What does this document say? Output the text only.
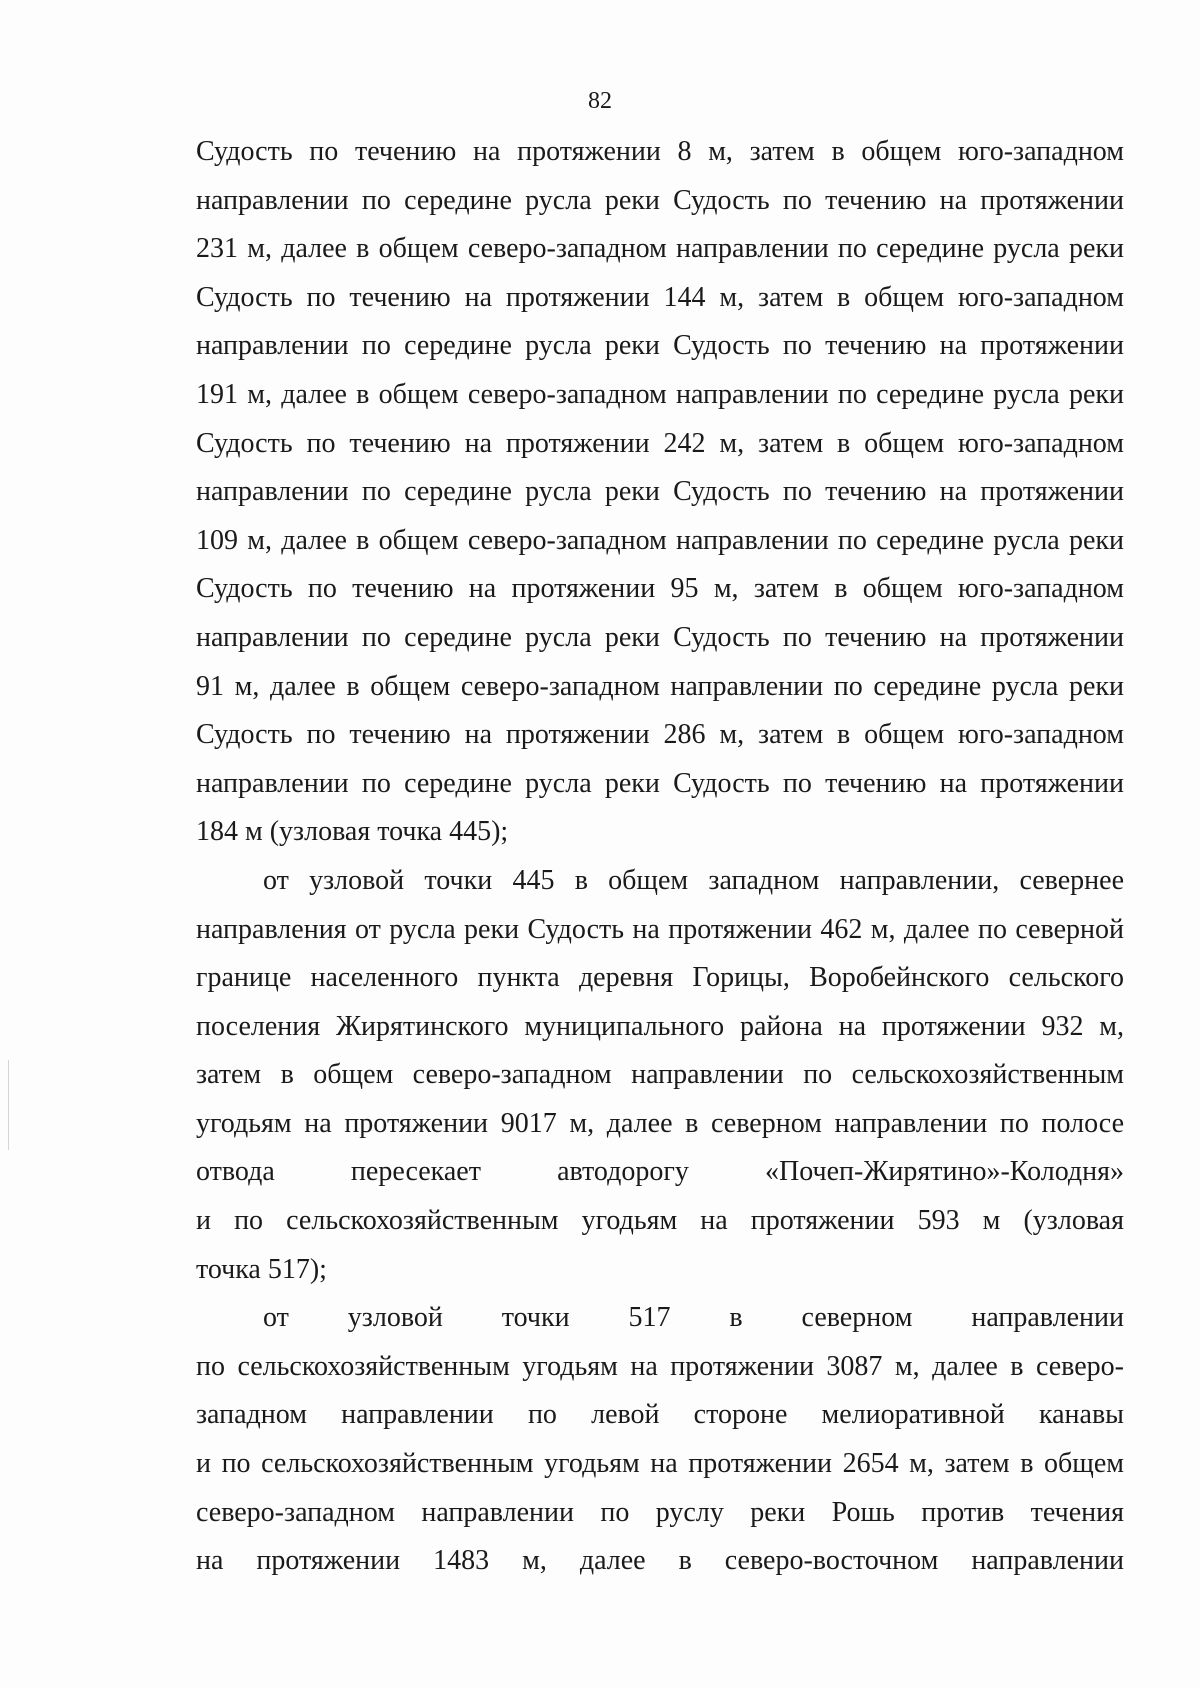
82
Судость по течению на протяжении 8 м, затем в общем юго-западном
направлении по середине русла реки Судость по течению на протяжении
231 м, далее в общем северо-западном направлении по середине русла реки
Судость по течению на протяжении 144 м, затем в общем юго-западном
направлении по середине русла реки Судость по течению на протяжении
191 м, далее в общем северо-западном направлении по середине русла реки
Судость по течению на протяжении 242 м, затем в общем юго-западном
направлении по середине русла реки Судость по течению на протяжении
109 м, далее в общем северо-западном направлении по середине русла реки
Судость по течению на протяжении 95 м, затем в общем юго-западном
направлении по середине русла реки Судость по течению на протяжении
91 м, далее в общем северо-западном направлении по середине русла реки
Судость по течению на протяжении 286 м, затем в общем юго-западном
направлении по середине русла реки Судость по течению на протяжении
184 м (узловая точка 445);
от узловой точки 445 в общем западном направлении, севернее
направления от русла реки Судость на протяжении 462 м, далее по северной
границе населенного пункта деревня Горицы, Воробейнского сельского
поселения Жирятинского муниципального района на протяжении 932 м,
затем в общем северо-западном направлении по сельскохозяйственным
угодьям на протяжении 9017 м, далее в северном направлении по полосе
отвода пересекает автодорогу «Почеп-Жирятино»-Колодня»
и по сельскохозяйственным угодьям на протяжении 593 м (узловая
точка 517);
от узловой точки 517 в северном направлении
по сельскохозяйственным угодьям на протяжении 3087 м, далее в северо-
западном направлении по левой стороне мелиоративной канавы
и по сельскохозяйственным угодьям на протяжении 2654 м, затем в общем
северо-западном направлении по руслу реки Рошь против течения
на протяжении 1483 м, далее в северо-восточном направлении
